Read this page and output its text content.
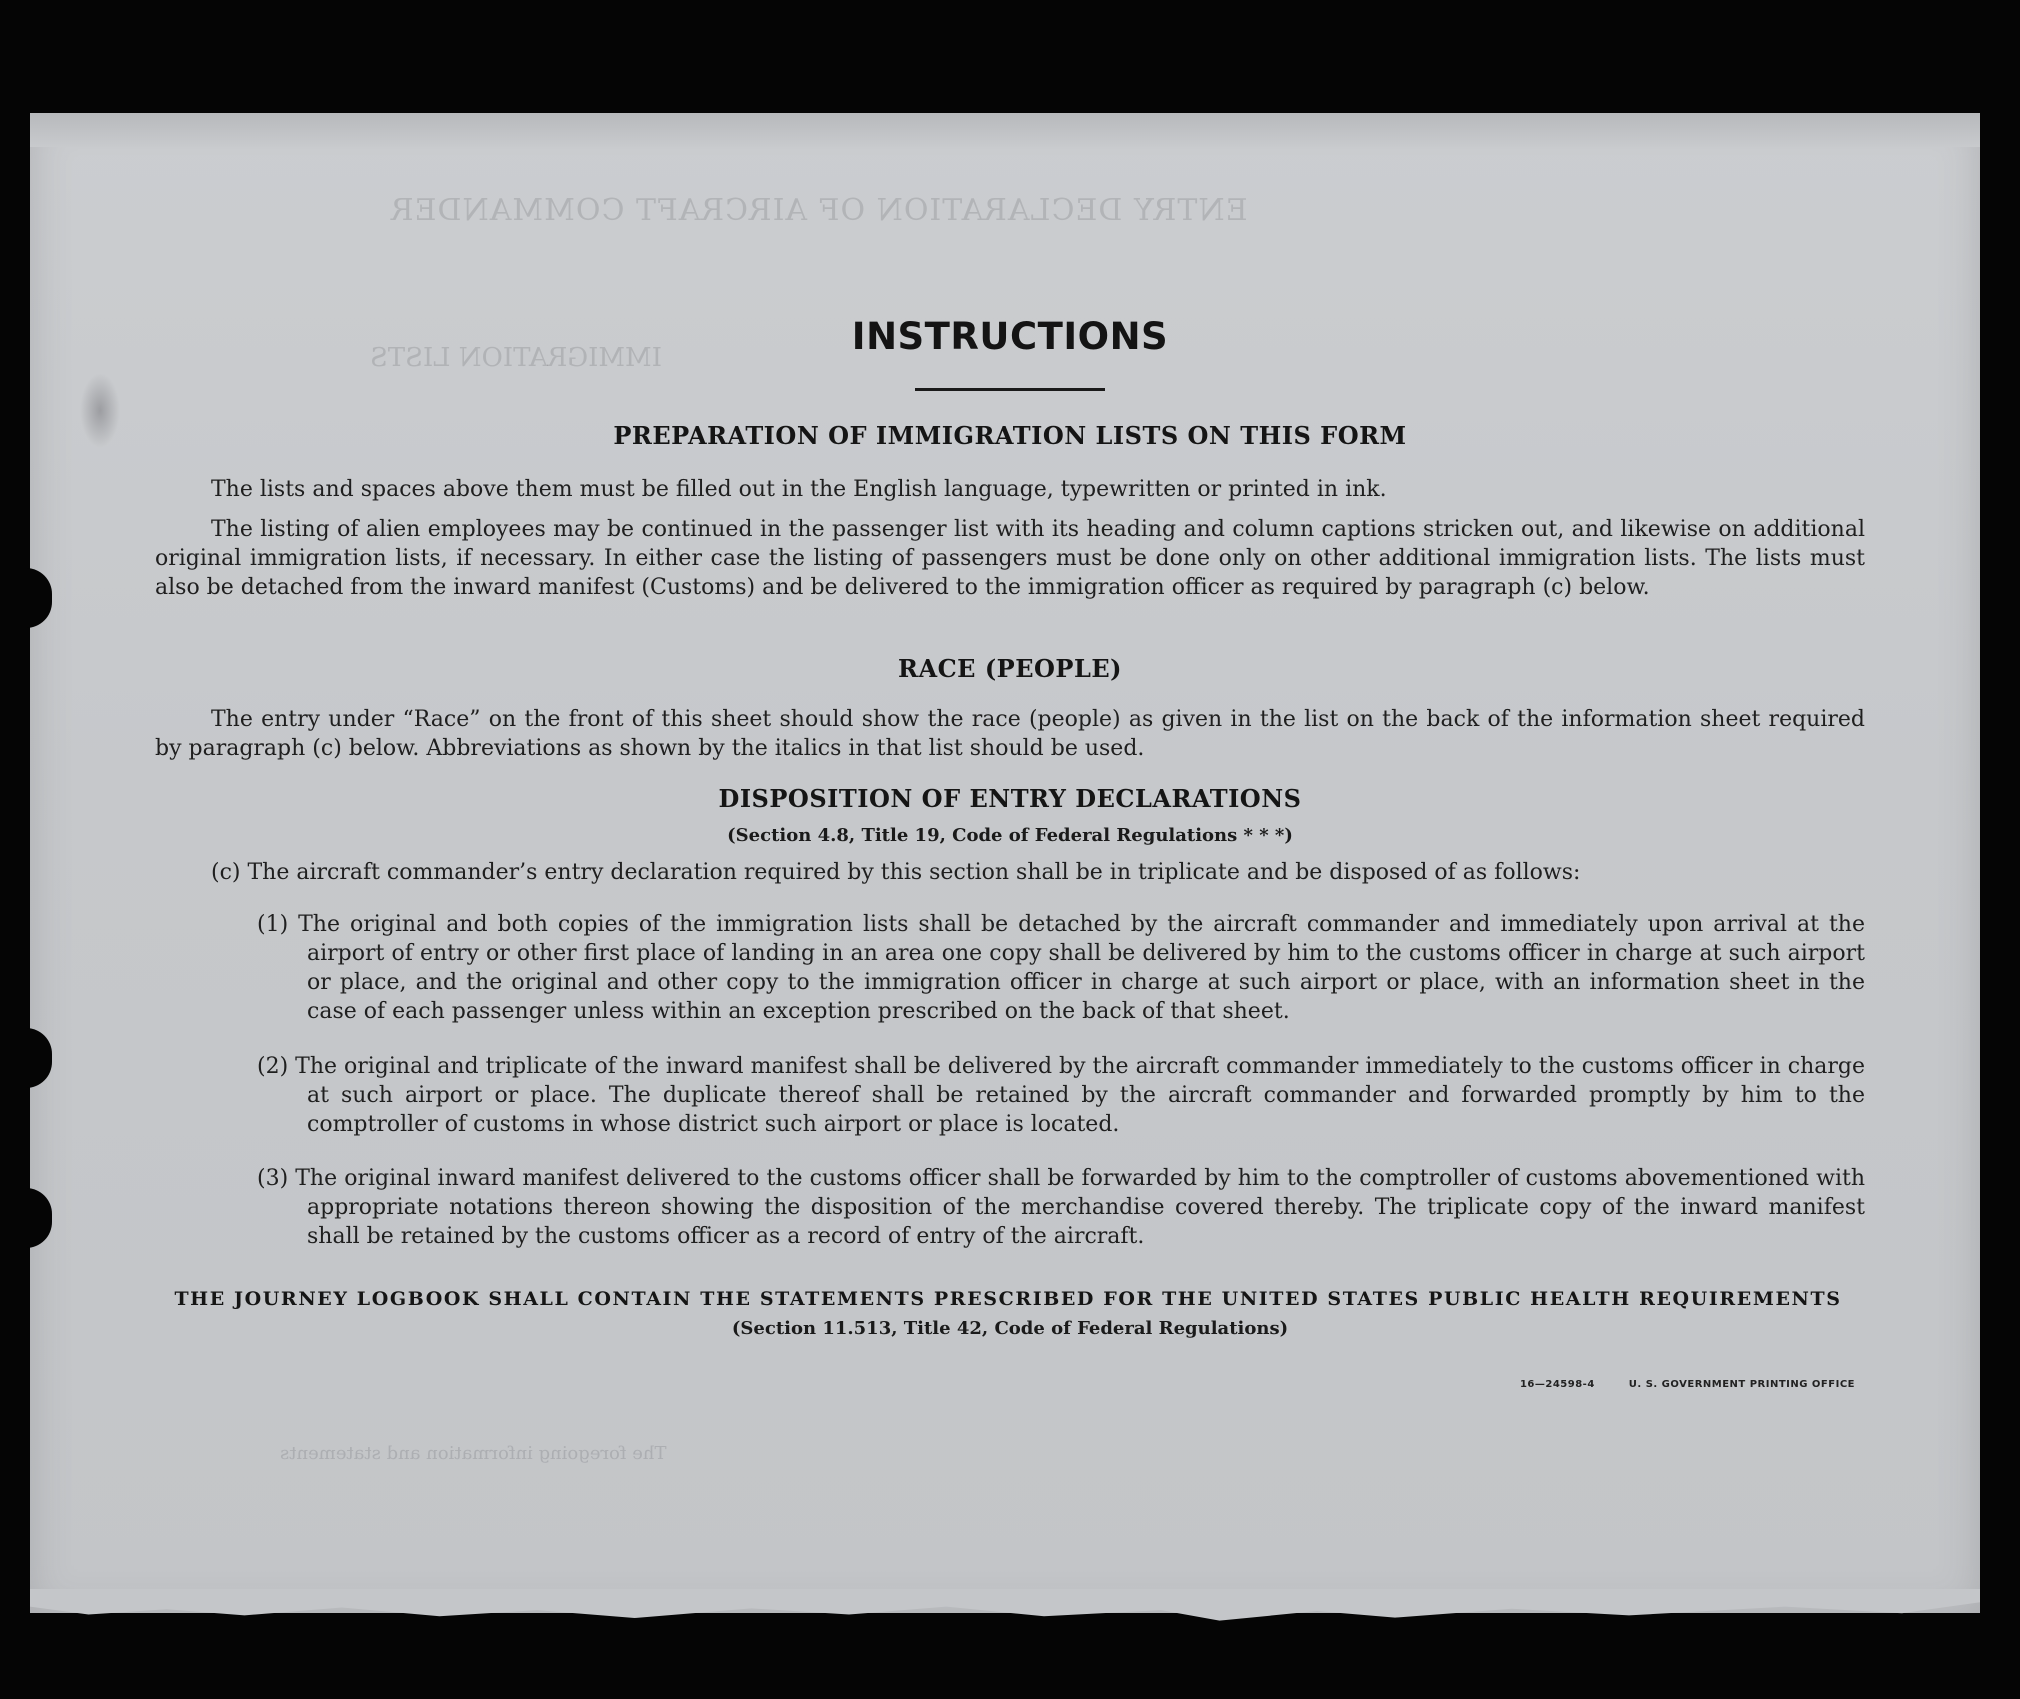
ENTRY DECLARATION OF AIRCRAFT COMMANDER
IMMIGRATION LISTS
The foregoing information and statements
INSTRUCTIONS
PREPARATION OF IMMIGRATION LISTS ON THIS FORM
The lists and spaces above them must be filled out in the English language, typewritten or printed in ink.
The listing of alien employees may be continued in the passenger list with its heading and column captions stricken out, and likewise on additional original immigration lists, if necessary. In either case the listing of passengers must be done only on other additional immigration lists. The lists must also be detached from the inward manifest (Customs) and be delivered to the immigration officer as required by paragraph (c) below.
RACE (PEOPLE)
The entry under “Race” on the front of this sheet should show the race (people) as given in the list on the back of the information sheet required by paragraph (c) below. Abbreviations as shown by the italics in that list should be used.
DISPOSITION OF ENTRY DECLARATIONS
(Section 4.8, Title 19, Code of Federal Regulations * * *)
(c) The aircraft commander’s entry declaration required by this section shall be in triplicate and be disposed of as follows:
(1) The original and both copies of the immigration lists shall be detached by the aircraft commander and immediately upon arrival at the airport of entry or other first place of landing in an area one copy shall be delivered by him to the customs officer in charge at such airport or place, and the original and other copy to the immigration officer in charge at such airport or place, with an information sheet in the case of each passenger unless within an exception prescribed on the back of that sheet.
(2) The original and triplicate of the inward manifest shall be delivered by the aircraft commander immediately to the customs officer in charge at such airport or place. The duplicate thereof shall be retained by the aircraft commander and forwarded promptly by him to the comptroller of customs in whose district such airport or place is located.
(3) The original inward manifest delivered to the customs officer shall be forwarded by him to the comptroller of customs abovementioned with appropriate notations thereon showing the disposition of the merchandise covered thereby. The triplicate copy of the inward manifest shall be retained by the customs officer as a record of entry of the aircraft.
THE JOURNEY LOGBOOK SHALL CONTAIN THE STATEMENTS PRESCRIBED FOR THE UNITED STATES PUBLIC HEALTH REQUIREMENTS
(Section 11.513, Title 42, Code of Federal Regulations)
16—24598-4	U. S. GOVERNMENT PRINTING OFFICE
